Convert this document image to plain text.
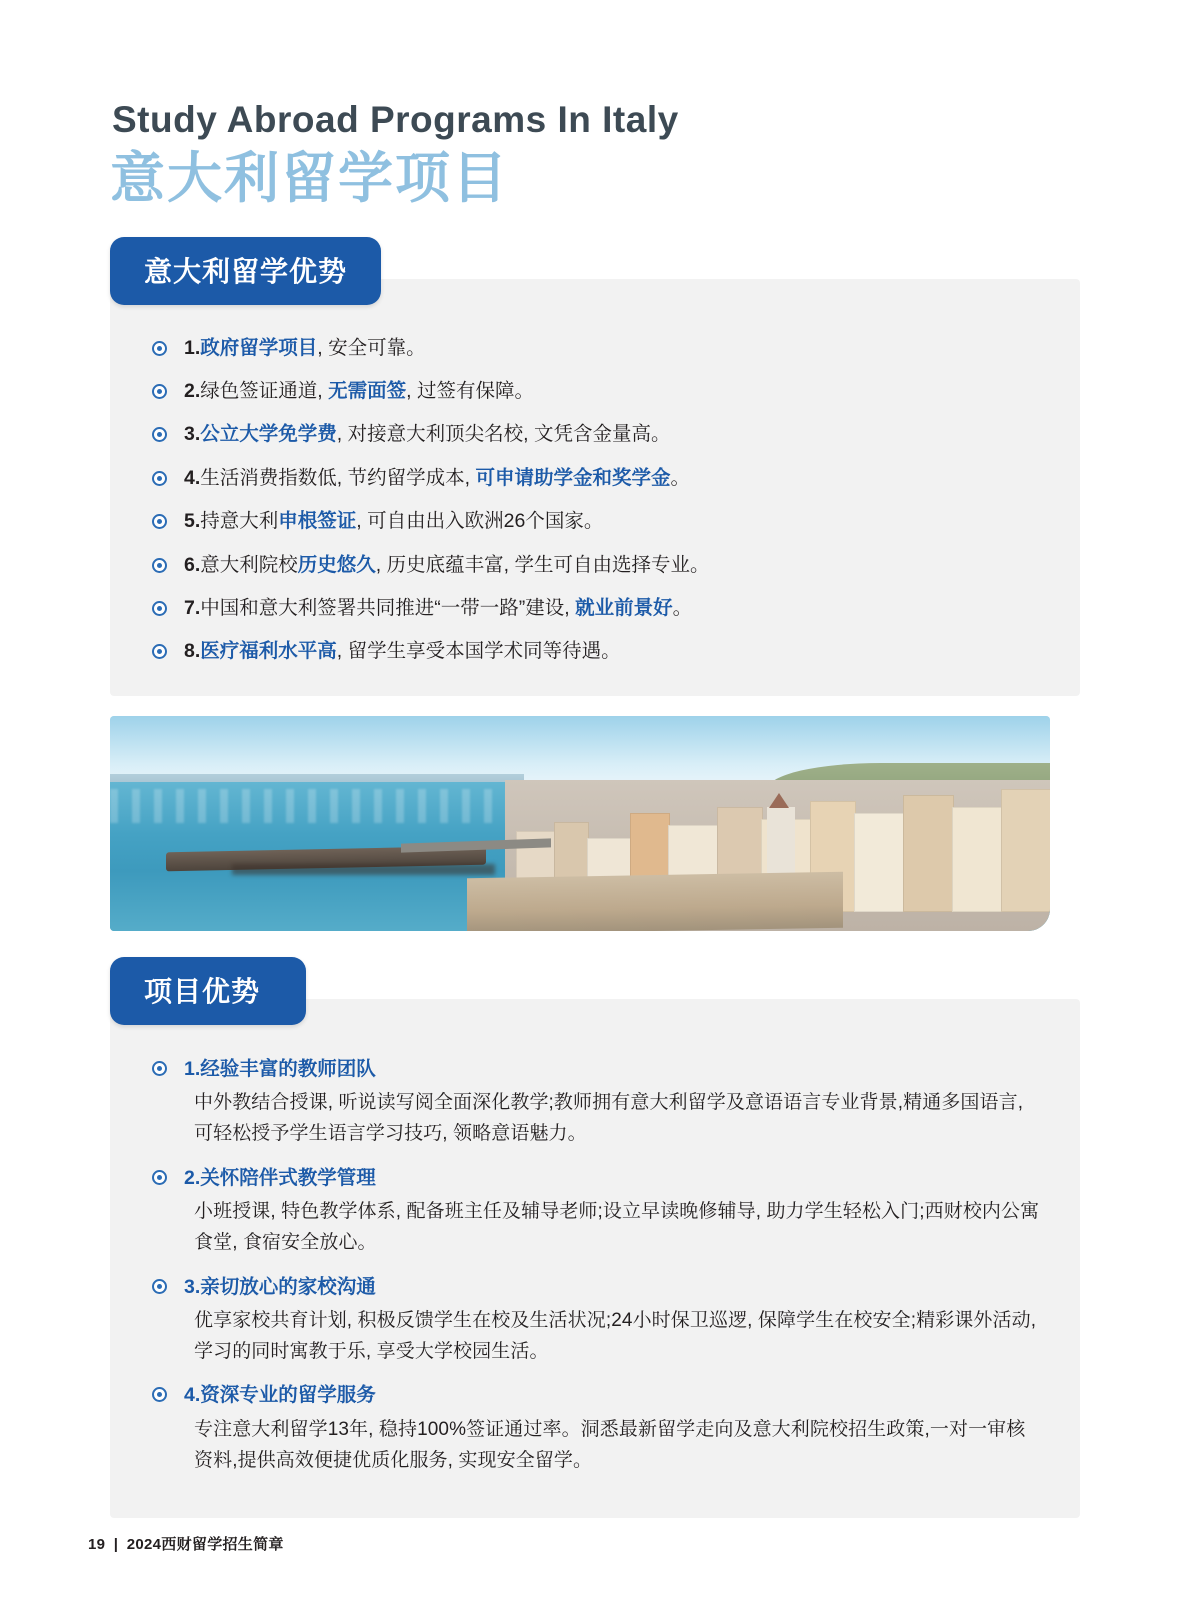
Study Abroad Programs In Italy
意大利留学项目
意大利留学优势
1.政府留学项目, 安全可靠。
2.绿色签证通道, 无需面签, 过签有保障。
3.公立大学免学费, 对接意大利顶尖名校, 文凭含金量高。
4.生活消费指数低, 节约留学成本, 可申请助学金和奖学金。
5.持意大利申根签证, 可自由出入欧洲26个国家。
6.意大利院校历史悠久, 历史底蕴丰富, 学生可自由选择专业。
7.中国和意大利签署共同推进“一带一路”建设, 就业前景好。
8.医疗福利水平高, 留学生享受本国学术同等待遇。
项目优势
1.经验丰富的教师团队
中外教结合授课, 听说读写阅全面深化教学;教师拥有意大利留学及意语语言专业背景,精通多国语言, 可轻松授予学生语言学习技巧, 领略意语魅力。
2.关怀陪伴式教学管理
小班授课, 特色教学体系, 配备班主任及辅导老师;设立早读晚修辅导, 助力学生轻松入门;西财校内公寓食堂, 食宿安全放心。
3.亲切放心的家校沟通
优享家校共育计划, 积极反馈学生在校及生活状况;24小时保卫巡逻, 保障学生在校安全;精彩课外活动, 学习的同时寓教于乐, 享受大学校园生活。
4.资深专业的留学服务
专注意大利留学13年, 稳持100%签证通过率。洞悉最新留学走向及意大利院校招生政策,一对一审核资料,提供高效便捷优质化服务, 实现安全留学。
19 | 2024西财留学招生简章
